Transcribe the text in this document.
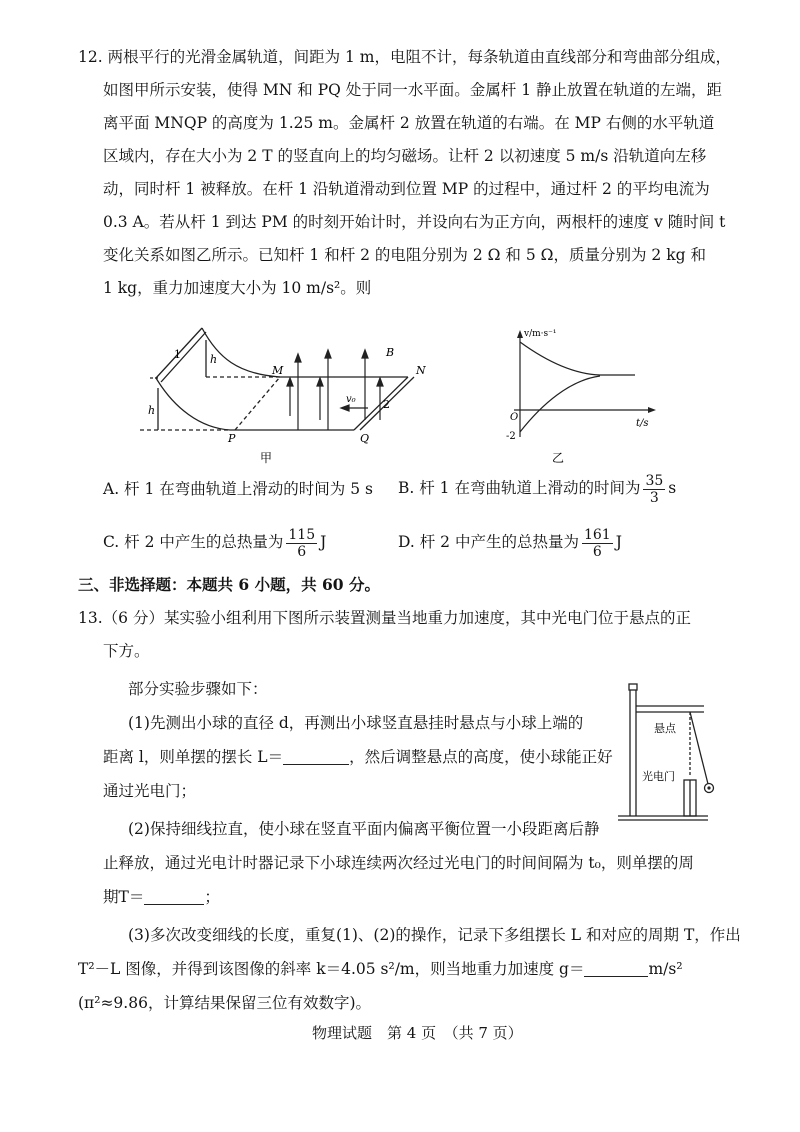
12. 两根平行的光滑金属轨道，间距为 1 m，电阻不计，每条轨道由直线部分和弯曲部分组成，
如图甲所示安装，使得 MN 和 PQ 处于同一水平面。金属杆 1 静止放置在轨道的左端，距
离平面 MNQP 的高度为 1.25 m。金属杆 2 放置在轨道的右端。在 MP 右侧的水平轨道
区域内，存在大小为 2 T 的竖直向上的均匀磁场。让杆 2 以初速度 5 m/s 沿轨道向左移
动，同时杆 1 被释放。在杆 1 沿轨道滑动到位置 MP 的过程中，通过杆 2 的平均电流为
0.3 A。若从杆 1 到达 PM 的时刻开始计时，并设向右为正方向，两根杆的速度 v 随时间 t
变化关系如图乙所示。已知杆 1 和杆 2 的电阻分别为 2 Ω 和 5 Ω，质量分别为 2 kg 和
1 kg，重力加速度大小为 10 m/s²。则
1	h
h
M
B
N
P	Q
2
v₀
甲
v/m·s⁻¹
t/s
O
-2
乙
A. 杆 1 在弯曲轨道上滑动的时间为 5 s B. 杆 1 在弯曲轨道上滑动的时间为 $\frac{35}{3}$ s
C. 杆 2 中产生的总热量为 $\frac{115}{6}$ J	D. 杆 2 中产生的总热量为 $\frac{161}{6}$ J
三、非选择题：本题共 6 小题，共 60 分。
13.（6 分）某实验小组利用下图所示装置测量当地重力加速度，其中光电门位于悬点的正
下方。
部分实验步骤如下：
(1)先测出小球的直径 d，再测出小球竖直悬挂时悬点与小球上端的
距离 l，则单摆的摆长 L＝	，然后调整悬点的高度，使小球能正好
通过光电门；
(2)保持细线拉直，使小球在竖直平面内偏离平衡位置一小段距离后静
止释放，通过光电计时器记录下小球连续两次经过光电门的时间间隔为 t₀，则单摆的周
期T＝	；
(3)多次改变细线的长度，重复(1)、(2)的操作，记录下多组摆长 L 和对应的周期 T，作出
T²－L 图像，并得到该图像的斜率 k＝4.05 s²/m，则当地重力加速度 g＝	m/s²
(π²≈9.86，计算结果保留三位有效数字)。
悬点
光电门
物理试题　第 4 页　（共 7 页）
